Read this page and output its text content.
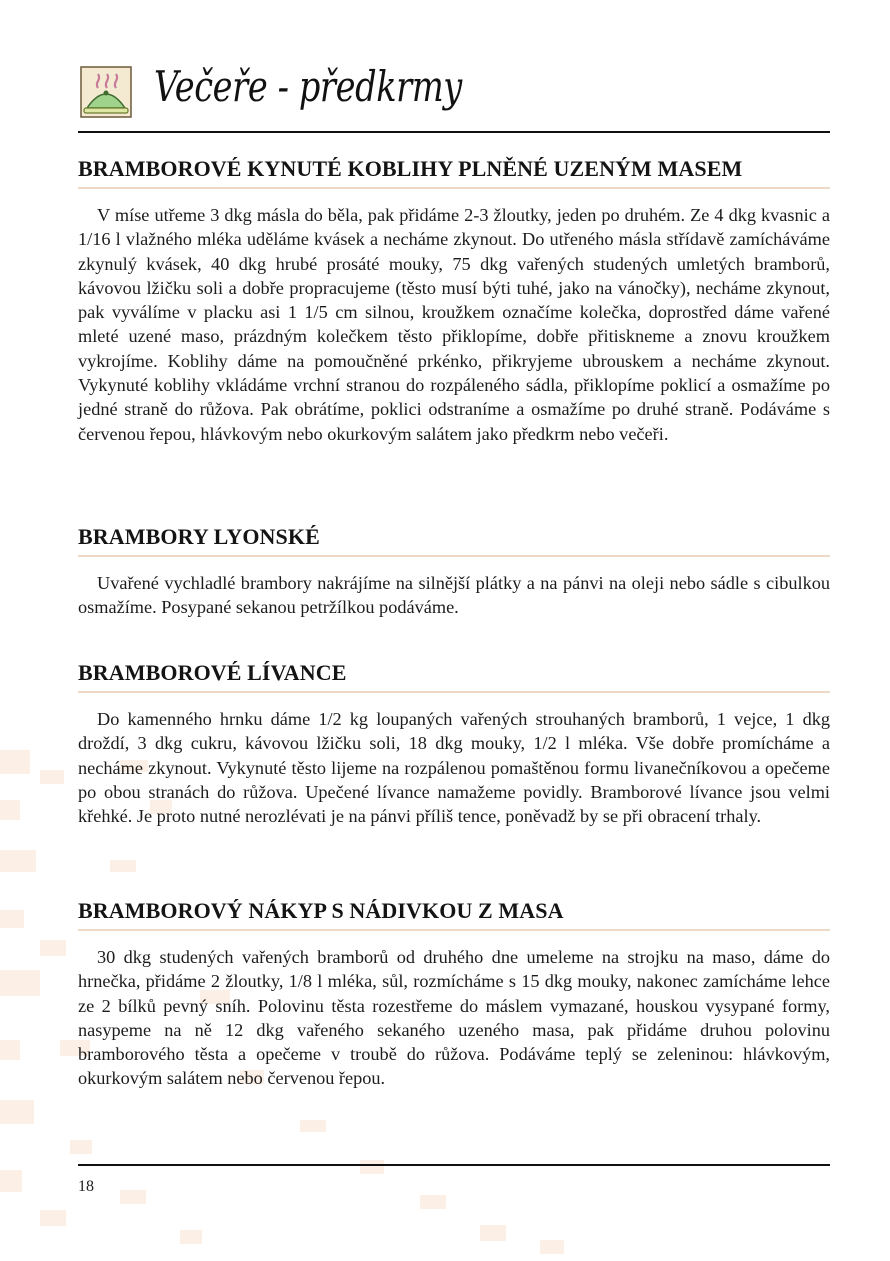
Večeře - předkrmy
BRAMBOROVÉ KYNUTÉ KOBLIHY PLNĚNÉ UZENÝM MASEM

V míse utřeme 3 dkg másla do běla, pak přidáme 2-3 žloutky, jeden po druhém. Ze 4 dkg kvasnic a 1/16 l vlažného mléka uděláme kvásek a necháme zkynout. Do utřeného másla střídavě zamícháváme zkynulý kvásek, 40 dkg hrubé prosáté mouky, 75 dkg vařených studených umletých bramborů, kávovou lžičku soli a dobře propracujeme (těsto musí býti tuhé, jako na vánočky), necháme zkynout, pak vyválíme v placku asi 1 1/5 cm silnou, kroužkem označíme kolečka, doprostřed dáme vařené mleté uzené maso, prázdným kolečkem těsto přiklopíme, dobře přitiskneme a znovu kroužkem vykrojíme. Koblihy dáme na pomoučněné prkénko, přikryjeme ubrouskem a necháme zkynout. Vykynuté koblihy vkládáme vrchní stranou do rozpáleného sádla, přiklopíme poklicí a osmažíme po jedné straně do růžova. Pak obrátíme, poklici odstraníme a osmažíme po druhé straně. Podáváme s červenou řepou, hlávkovým nebo okurkovým salátem jako předkrm nebo večeři.

BRAMBORY LYONSKÉ

Uvařené vychladlé brambory nakrájíme na silnější plátky a na pánvi na oleji nebo sádle s cibulkou osmažíme. Posypané sekanou petržílkou podáváme.

BRAMBOROVÉ LÍVANCE

Do kamenného hrnku dáme 1/2 kg loupaných vařených strouhaných bramborů, 1 vejce, 1 dkg droždí, 3 dkg cukru, kávovou lžičku soli, 18 dkg mouky, 1/2 l mléka. Vše dobře promícháme a necháme zkynout. Vykynuté těsto lijeme na rozpálenou pomaštěnou formu livanečníkovou a opečeme po obou stranách do růžova. Upečené lívance namažeme povidly. Bramborové lívance jsou velmi křehké. Je proto nutné nerozlévati je na pánvi příliš tence, poněvadž by se při obracení trhaly.

BRAMBOROVÝ NÁKYP S NÁDIVKOU Z MASA

30 dkg studených vařených bramborů od druhého dne umeleme na strojku na maso, dáme do hrnečka, přidáme 2 žloutky, 1/8 l mléka, sůl, rozmícháme s 15 dkg mouky, nakonec zamícháme lehce ze 2 bílků pevný sníh. Polovinu těsta rozestřeme do máslem vymazané, houskou vysypané formy, nasypeme na ně 12 dkg vařeného sekaného uzeného masa, pak přidáme druhou polovinu bramborového těsta a opečeme v troubě do růžova. Podáváme teplý se zeleninou: hlávkovým, okurkovým salátem nebo červenou řepou.

18
